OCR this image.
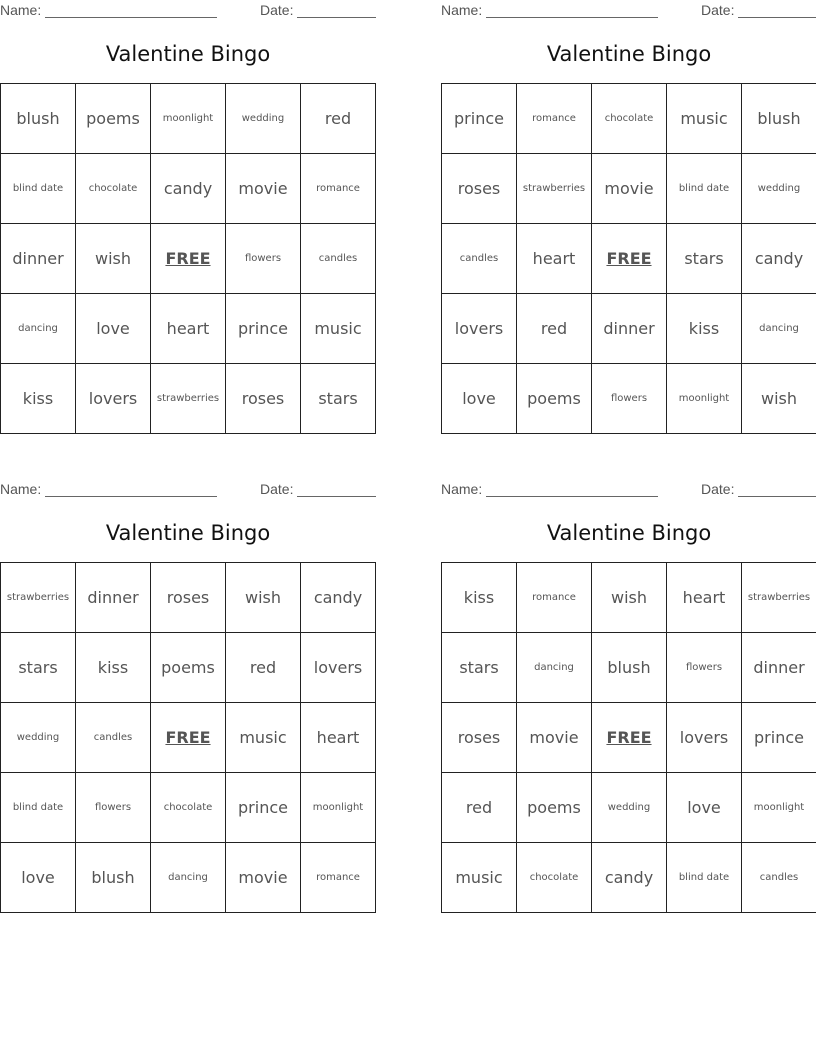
Name:	Date:
Valentine Bingo
blush	poems	moonlight	wedding	red
blind date	chocolate	candy	movie	romance
dinner	wish	FREE	flowers	candles
dancing	love	heart	prince	music
kiss	lovers	strawberries	roses	stars
Name:	Date:
Valentine Bingo
prince	romance	chocolate	music	blush
roses	strawberries	movie	blind date	wedding
candles	heart	FREE	stars	candy
lovers	red	dinner	kiss	dancing
love	poems	flowers	moonlight	wish
Name:	Date:
Valentine Bingo
strawberries	dinner	roses	wish	candy
stars	kiss	poems	red	lovers
wedding	candles	FREE	music	heart
blind date	flowers	chocolate	prince	moonlight
love	blush	dancing	movie	romance
Name:	Date:
Valentine Bingo
kiss	romance	wish	heart	strawberries
stars	dancing	blush	flowers	dinner
roses	movie	FREE	lovers	prince
red	poems	wedding	love	moonlight
music	chocolate	candy	blind date	candles
